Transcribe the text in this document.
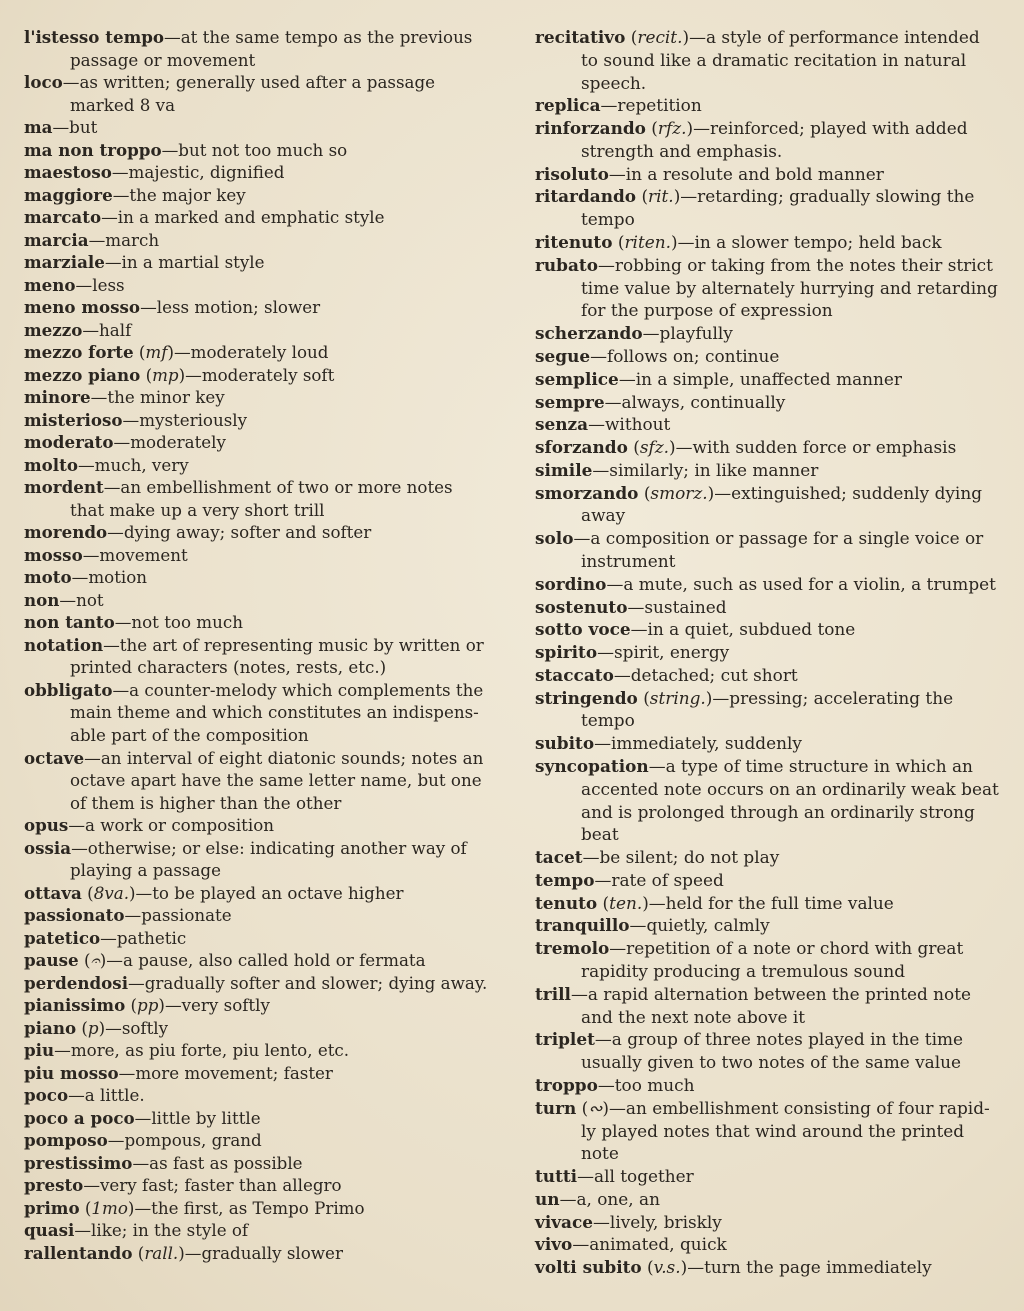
l'istesso tempo—at the same tempo as the previous passage or movement

loco—as written; generally used after a passage marked 8 va

ma—but

ma non troppo—but not too much so

maestoso—majestic, dignified

maggiore—the major key

marcato—in a marked and emphatic style

marcia—march

marziale—in a martial style

meno—less

meno mosso—less motion; slower

mezzo—half

mezzo forte (mf)—moderately loud

mezzo piano (mp)—moderately soft

minore—the minor key

misterioso—mysteriously

moderato—moderately

molto—much, very

mordent—an embellishment of two or more notes that make up a very short trill

morendo—dying away; softer and softer

mosso—movement

moto—motion

non—not

non tanto—not too much

notation—the art of representing music by written or printed characters (notes, rests, etc.)

obbligato—a counter-melody which complements the main theme and which constitutes an indispens-able part of the composition

octave—an interval of eight diatonic sounds; notes an octave apart have the same letter name, but one of them is higher than the other

opus—a work or composition

ossia—otherwise; or else: indicating another way of playing a passage

ottava (8va.)—to be played an octave higher

passionato—passionate

patetico—pathetic

pause (𝄐)—a pause, also called hold or fermata

perdendosi—gradually softer and slower; dying away.

pianissimo (pp)—very softly

piano (p)—softly

piu—more, as piu forte, piu lento, etc.

piu mosso—more movement; faster

poco—a little.

poco a poco—little by little

pomposo—pompous, grand

prestissimo—as fast as possible

presto—very fast; faster than allegro

primo (1mo)—the first, as Tempo Primo

quasi—like; in the style of

rallentando (rall.)—gradually slower

recitativo (recit.)—a style of performance intended to sound like a dramatic recitation in natural speech.

replica—repetition

rinforzando (rfz.)—reinforced; played with added strength and emphasis.

risoluto—in a resolute and bold manner

ritardando (rit.)—retarding; gradually slowing the tempo

ritenuto (riten.)—in a slower tempo; held back

rubato—robbing or taking from the notes their strict time value by alternately hurrying and retarding for the purpose of expression

scherzando—playfully

segue—follows on; continue

semplice—in a simple, unaffected manner

sempre—always, continually

senza—without

sforzando (sfz.)—with sudden force or emphasis

simile—similarly; in like manner

smorzando (smorz.)—extinguished; suddenly dying away

solo—a composition or passage for a single voice or instrument

sordino—a mute, such as used for a violin, a trumpet

sostenuto—sustained

sotto voce—in a quiet, subdued tone

spirito—spirit, energy

staccato—detached; cut short

stringendo (string.)—pressing; accelerating the tempo

subito—immediately, suddenly

syncopation—a type of time structure in which an accented note occurs on an ordinarily weak beat and is prolonged through an ordinarily strong beat

tacet—be silent; do not play

tempo—rate of speed

tenuto (ten.)—held for the full time value

tranquillo—quietly, calmly

tremolo—repetition of a note or chord with great rapidity producing a tremulous sound

trill—a rapid alternation between the printed note and the next note above it

triplet—a group of three notes played in the time usually given to two notes of the same value

troppo—too much

turn (∾)—an embellishment consisting of four rapid-ly played notes that wind around the printed note

tutti—all together

un—a, one, an

vivace—lively, briskly

vivo—animated, quick

volti subito (v.s.)—turn the page immediately
